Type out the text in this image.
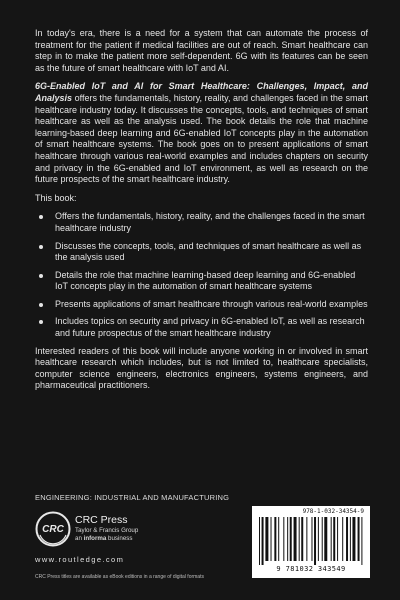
In today's era, there is a need for a system that can automate the process of treatment for the patient if medical facilities are out of reach. Smart healthcare can step in to make the patient more self-dependent. 6G with its features can be seen as the future of smart healthcare with IoT and AI.

6G-Enabled IoT and AI for Smart Healthcare: Challenges, Impact, and Analysis offers the fundamentals, history, reality, and challenges faced in the smart healthcare industry today. It discusses the concepts, tools, and techniques of smart healthcare as well as the analysis used. The book details the role that machine learning-based deep learning and 6G-enabled IoT concepts play in the automation of smart healthcare systems. The book goes on to present applications of smart healthcare through various real-world examples and includes chapters on security and privacy in the 6G-enabled and IoT environment, as well as research on the future prospects of the smart healthcare industry.

This book:

Offers the fundamentals, history, reality, and the challenges faced in the smart healthcare industry
Discusses the concepts, tools, and techniques of smart healthcare as well as the analysis used
Details the role that machine learning-based deep learning and 6G-enabled IoT concepts play in the automation of smart healthcare systems
Presents applications of smart healthcare through various real-world examples
Includes topics on security and privacy in 6G-enabled IoT, as well as research and future prospectus of the smart healthcare industry

Interested readers of this book will include anyone working in or involved in smart healthcare research which includes, but is not limited to, healthcare specialists, computer science engineers, electronics engineers, systems engineers, and pharmaceutical practitioners.

ENGINEERING: INDUSTRIAL AND MANUFACTURING
CRC
CRC Press
Taylor & Francis Group
an informa business
www.routledge.com
CRC Press titles are available as eBook editions in a range of digital formats
978-1-032-34354-9
9 781032 343549
